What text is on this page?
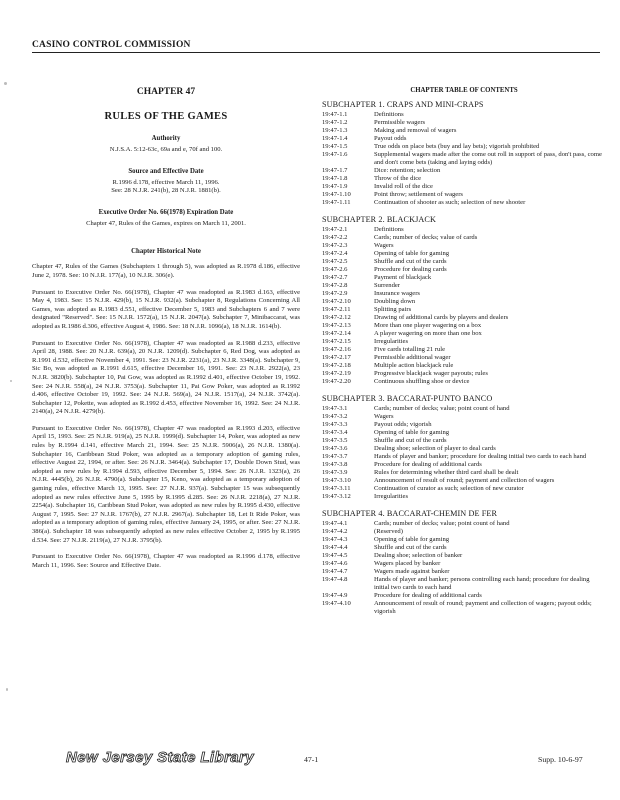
CASINO CONTROL COMMISSION
CHAPTER 47
RULES OF THE GAMES
Authority
N.J.S.A. 5:12-63c, 69a and e, 70f and 100.
Source and Effective Date
R.1996 d.178, effective March 11, 1996.
See: 28 N.J.R. 241(b), 28 N.J.R. 1881(b).
Executive Order No. 66(1978) Expiration Date
Chapter 47, Rules of the Games, expires on March 11, 2001.
Chapter Historical Note
Chapter 47, Rules of the Games (Subchapters 1 through 5), was adopted as R.1978 d.186, effective June 2, 1978. See: 10 N.J.R. 177(a), 10 N.J.R. 306(e).
Pursuant to Executive Order No. 66(1978), Chapter 47 was readopted as R.1983 d.163, effective May 4, 1983. See: 15 N.J.R. 429(b), 15 N.J.R. 932(a). Subchapter 8, Regulations Concerning All Games, was adopted as R.1983 d.551, effective December 5, 1983 and Subchapters 6 and 7 were designated "Reserved". See: 15 N.J.R. 1572(a), 15 N.J.R. 2047(a). Subchapter 7, Minibaccarat, was adopted as R.1986 d.306, effective August 4, 1986. See: 18 N.J.R. 1096(a), 18 N.J.R. 1614(b).
Pursuant to Executive Order No. 66(1978), Chapter 47 was readopted as R.1988 d.233, effective April 28, 1988. See: 20 N.J.R. 639(a), 20 N.J.R. 1209(d). Subchapter 6, Red Dog, was adopted as R.1991 d.532, effective November 4, 1991. See: 23 N.J.R. 2231(a), 23 N.J.R. 3348(a). Subchapter 9, Sic Bo, was adopted as R.1991 d.615, effective December 16, 1991. See: 23 N.J.R. 2922(a), 23 N.J.R. 3820(b). Subchapter 10, Pai Gow, was adopted as R.1992 d.401, effective October 19, 1992. See: 24 N.J.R. 558(a), 24 N.J.R. 3753(a). Subchapter 11, Pai Gow Poker, was adopted as R.1992 d.406, effective October 19, 1992. See: 24 N.J.R. 569(a), 24 N.J.R. 1517(a), 24 N.J.R. 3742(a). Subchapter 12, Pokette, was adopted as R.1992 d.453, effective November 16, 1992. See: 24 N.J.R. 2140(a), 24 N.J.R. 4279(b).
Pursuant to Executive Order No. 66(1978), Chapter 47 was readopted as R.1993 d.203, effective April 15, 1993. See: 25 N.J.R. 919(a), 25 N.J.R. 1999(d). Subchapter 14, Poker, was adopted as new rules by R.1994 d.141, effective March 21, 1994. See: 25 N.J.R. 5906(a), 26 N.J.R. 1380(a). Subchapter 16, Caribbean Stud Poker, was adopted as a temporary adoption of gaming rules, effective August 22, 1994, or after. See: 26 N.J.R. 3464(a). Subchapter 17, Double Down Stud, was adopted as new rules by R.1994 d.593, effective December 5, 1994. See: 26 N.J.R. 1323(a), 26 N.J.R. 4445(b), 26 N.J.R. 4790(a). Subchapter 15, Keno, was adopted as a temporary adoption of gaming rules, effective March 13, 1995. See: 27 N.J.R. 937(a). Subchapter 15 was subsequently adopted as new rules effective June 5, 1995 by R.1995 d.285. See: 26 N.J.R. 2218(a), 27 N.J.R. 2254(a). Subchapter 16, Caribbean Stud Poker, was adopted as new rules by R.1995 d.430, effective August 7, 1995. See: 27 N.J.R. 1767(b), 27 N.J.R. 2967(a). Subchapter 18, Let It Ride Poker, was adopted as a temporary adoption of gaming rules, effective January 24, 1995, or after. See: 27 N.J.R. 386(a). Subchapter 18 was subsequently adopted as new rules effective October 2, 1995 by R.1995 d.534. See: 27 N.J.R. 2119(a), 27 N.J.R. 3795(b).
Pursuant to Executive Order No. 66(1978), Chapter 47 was readopted as R.1996 d.178, effective March 11, 1996. See: Source and Effective Date.
CHAPTER TABLE OF CONTENTS
SUBCHAPTER 1. CRAPS AND MINI-CRAPS
19:47-1.1	Definitions
19:47-1.2	Permissible wagers
19:47-1.3	Making and removal of wagers
19:47-1.4	Payout odds
19:47-1.5	True odds on place bets (buy and lay bets); vigorish prohibited
19:47-1.6	Supplemental wagers made after the come out roll in support of pass, don't pass, come and don't come bets (taking and laying odds)
19:47-1.7	Dice: retention; selection
19:47-1.8	Throw of the dice
19:47-1.9	Invalid roll of the dice
19:47-1.10	Point throw; settlement of wagers
19:47-1.11	Continuation of shooter as such; selection of new shooter
SUBCHAPTER 2. BLACKJACK
19:47-2.1	Definitions
19:47-2.2	Cards; number of decks; value of cards
19:47-2.3	Wagers
19:47-2.4	Opening of table for gaming
19:47-2.5	Shuffle and cut of the cards
19:47-2.6	Procedure for dealing cards
19:47-2.7	Payment of blackjack
19:47-2.8	Surrender
19:47-2.9	Insurance wagers
19:47-2.10	Doubling down
19:47-2.11	Splitting pairs
19:47-2.12	Drawing of additional cards by players and dealers
19:47-2.13	More than one player wagering on a box
19:47-2.14	A player wagering on more than one box
19:47-2.15	Irregularities
19:47-2.16	Five cards totalling 21 rule
19:47-2.17	Permissible additional wager
19:47-2.18	Multiple action blackjack rule
19:47-2.19	Progressive blackjack wager payouts; rules
19:47-2.20	Continuous shuffling shoe or device
SUBCHAPTER 3. BACCARAT-PUNTO BANCO
19:47-3.1	Cards; number of decks; value; point count of hand
19:47-3.2	Wagers
19:47-3.3	Payout odds; vigorish
19:47-3.4	Opening of table for gaming
19:47-3.5	Shuffle and cut of the cards
19:47-3.6	Dealing shoe; selection of player to deal cards
19:47-3.7	Hands of player and banker; procedure for dealing initial two cards to each hand
19:47-3.8	Procedure for dealing of additional cards
19:47-3.9	Rules for determining whether third card shall be dealt
19:47-3.10	Announcement of result of round; payment and collection of wagers
19:47-3.11	Continuation of curator as such; selection of new curator
19:47-3.12	Irregularities
SUBCHAPTER 4. BACCARAT-CHEMIN DE FER
19:47-4.1	Cards; number of decks; value; point count of hand
19:47-4.2	(Reserved)
19:47-4.3	Opening of table for gaming
19:47-4.4	Shuffle and cut of the cards
19:47-4.5	Dealing shoe; selection of banker
19:47-4.6	Wagers placed by banker
19:47-4.7	Wagers made against banker
19:47-4.8	Hands of player and banker; persons controlling each hand; procedure for dealing initial two cards to each hand
19:47-4.9	Procedure for dealing of additional cards
19:47-4.10	Announcement of result of round; payment and collection of wagers; payout odds; vigorish
New Jersey State Library	47-1	Supp. 10-6-97
